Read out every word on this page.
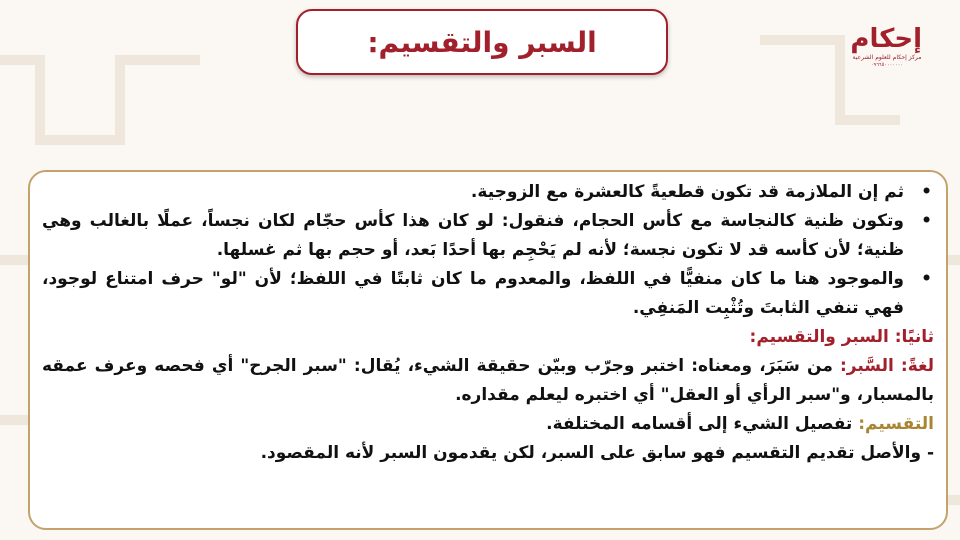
السبر والتقسيم:	إحكام
مركز إحكام للعلوم الشرعية
٠٩٦٦٥٠٠٠٠٠٠٠
• ثم إن الملازمة قد تكون قطعيةً كالعشرة مع الزوجية.
• وتكون ظنية كالنجاسة مع كأس الحجام، فنقول: لو كان هذا كأس حجّام لكان نجساً، عملًا بالغالب وهي ظنية؛ لأن كأسه قد لا تكون نجسة؛ لأنه لم يَحْجِم بها أحدًا بَعد، أو حجم بها ثم غسلها.
• والموجود هنا ما كان منفيًّا في اللفظ، والمعدوم ما كان ثابتًا في اللفظ؛ لأن "لو" حرف امتناع لوجود، فهي تنفي الثابتَ وتُثْبِت المَنفِي.

ثانيًا: السبر والتقسيم:

لغةً: السَّبر: من سَبَرَ، ومعناه: اختبر وجرّب وبيّن حقيقة الشيء، يُقال: "سبر الجرح" أي فحصه وعرف عمقه بالمسبار، و"سبر الرأي أو العقل" أي اختبره ليعلم مقداره.

التقسيم: تفصيل الشيء إلى أقسامه المختلفة.

- والأصل تقديم التقسيم فهو سابق على السبر، لكن يقدمون السبر لأنه المقصود.
